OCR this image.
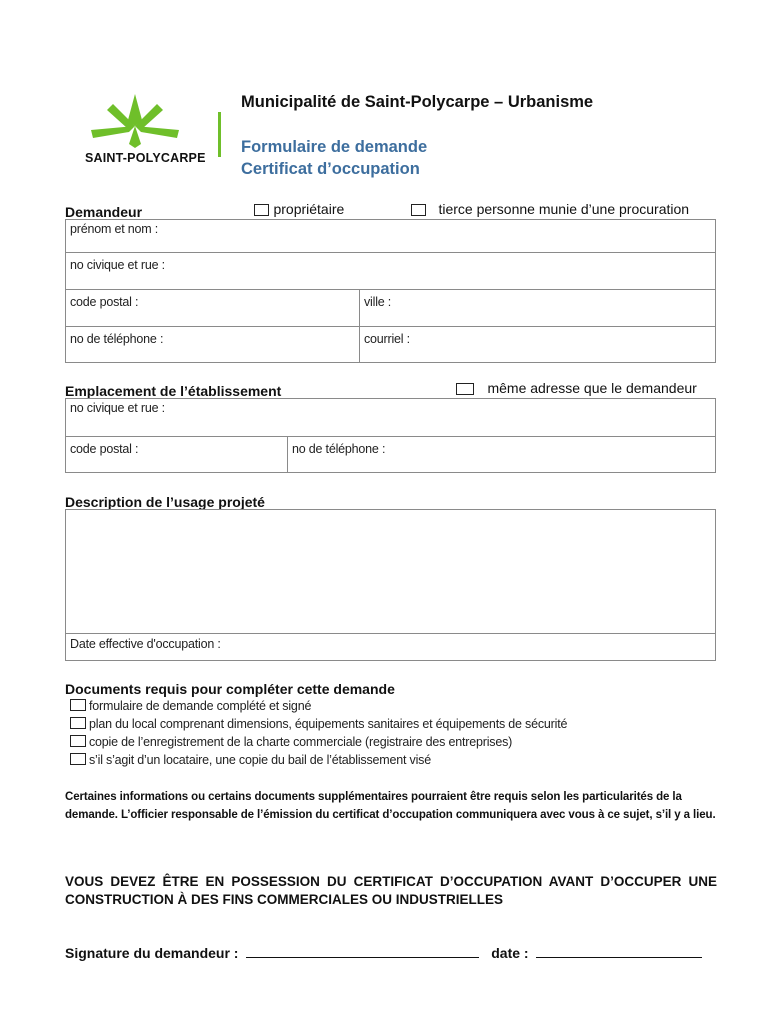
SAINT-POLYCARPE
Municipalité de Saint-Polycarpe – Urbanisme
Formulaire de demande
Certificat d’occupation
Demandeur	propriétaire	tierce personne munie d’une procuration
prénom et nom :
no civique et rue :
code postal :	ville :
no de téléphone :	courriel :
Emplacement de l’établissement	même adresse que le demandeur
no civique et rue :
code postal :	no de téléphone :
Description de l’usage projeté
Date effective d'occupation :
Documents requis pour compléter cette demande
formulaire de demande complété et signé
plan du local comprenant dimensions, équipements sanitaires et équipements de sécurité
copie de l’enregistrement de la charte commerciale (registraire des entreprises)
s’il s’agit d’un locataire, une copie du bail de l’établissement visé
Certaines informations ou certains documents supplémentaires pourraient être requis selon les particularités de la demande. L’officier responsable de l’émission du certificat d’occupation communiquera avec vous à ce sujet, s’il y a lieu.
VOUS DEVEZ ÊTRE EN POSSESSION DU CERTIFICAT D’OCCUPATION AVANT D’OCCUPER UNE CONSTRUCTION À DES FINS COMMERCIALES OU INDUSTRIELLES
Signature du demandeur :	date :
